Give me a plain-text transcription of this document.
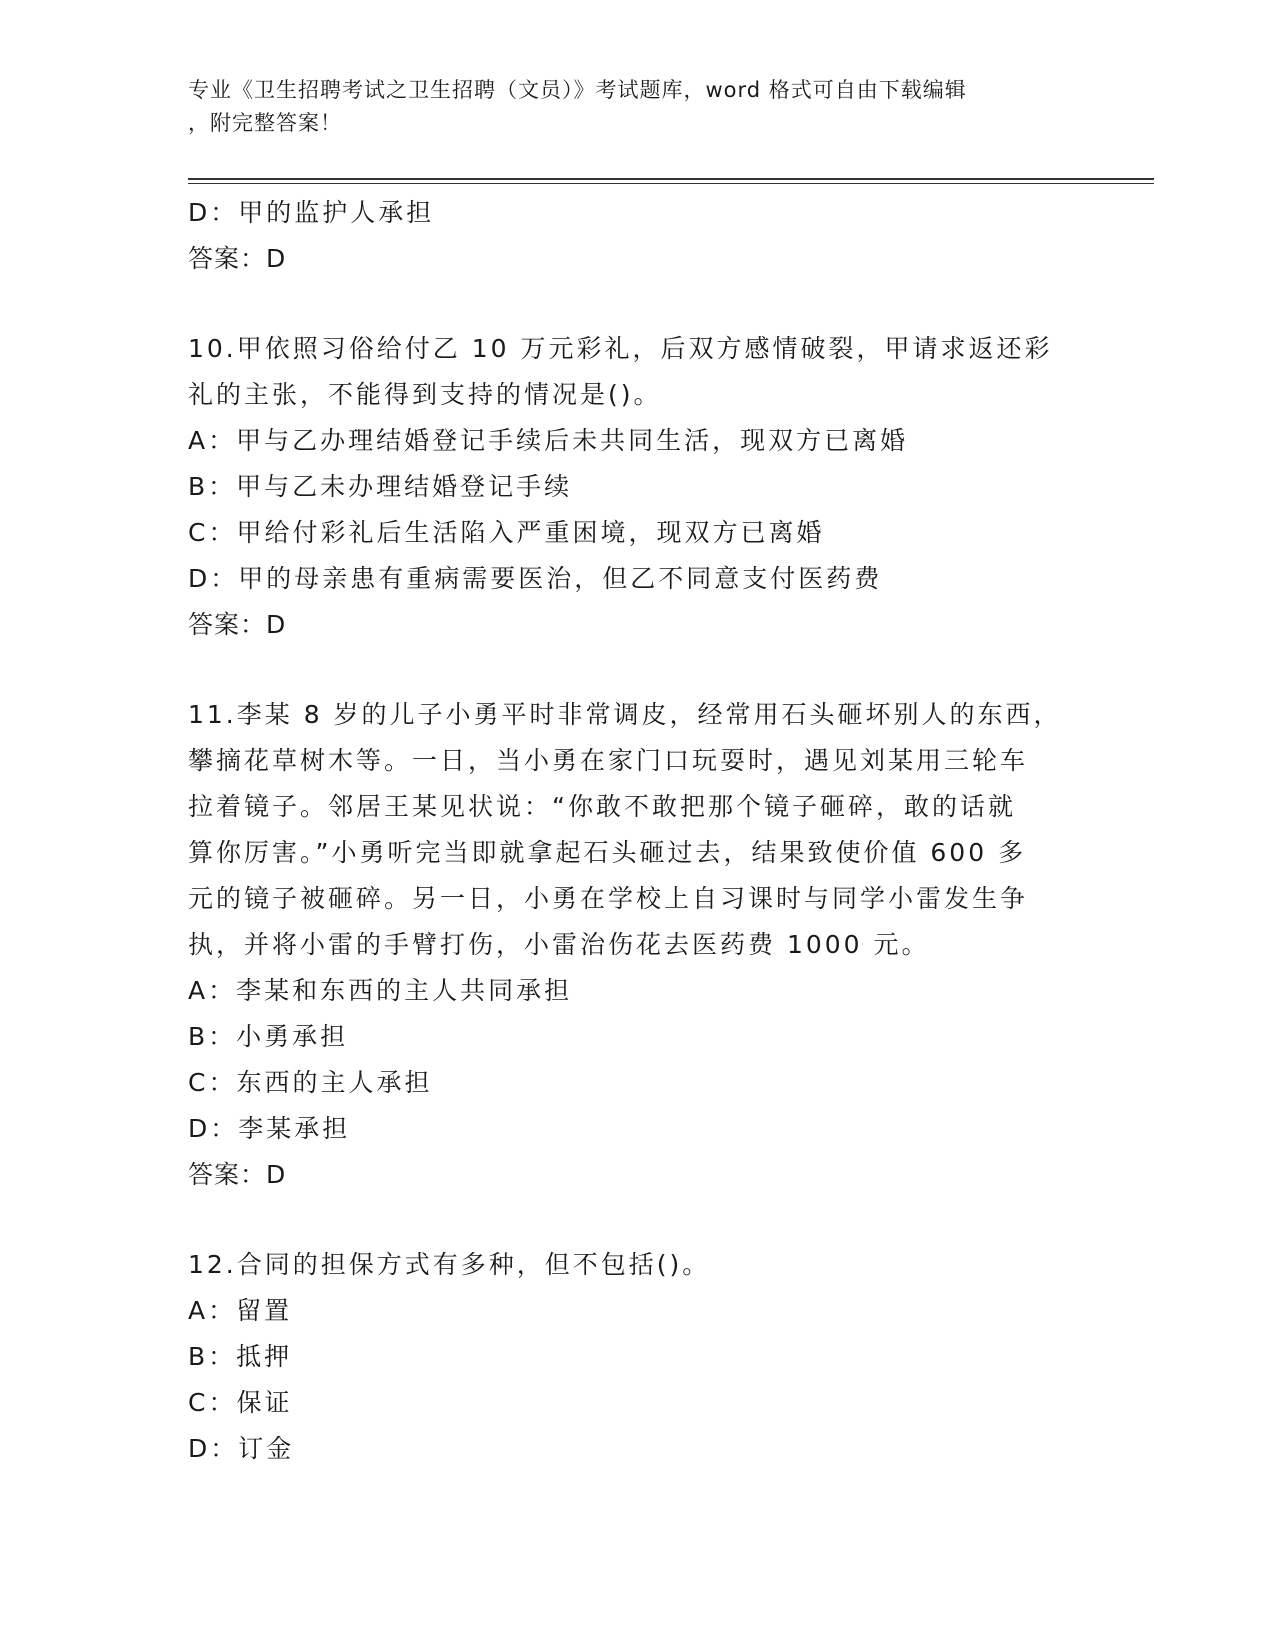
专业《卫生招聘考试之卫生招聘（文员）》考试题库，word 格式可自由下载编辑
，附完整答案！
D：甲的监护人承担
答案：D
10.甲依照习俗给付乙 10 万元彩礼，后双方感情破裂，甲请求返还彩
礼的主张，不能得到支持的情况是()。
A：甲与乙办理结婚登记手续后未共同生活，现双方已离婚
B：甲与乙未办理结婚登记手续
C：甲给付彩礼后生活陷入严重困境，现双方已离婚
D：甲的母亲患有重病需要医治，但乙不同意支付医药费
答案：D
11.李某 8 岁的儿子小勇平时非常调皮，经常用石头砸坏别人的东西，
攀摘花草树木等。一日，当小勇在家门口玩耍时，遇见刘某用三轮车
拉着镜子。邻居王某见状说：“你敢不敢把那个镜子砸碎，敢的话就
算你厉害。”小勇听完当即就拿起石头砸过去，结果致使价值 600 多
元的镜子被砸碎。另一日，小勇在学校上自习课时与同学小雷发生争
执，并将小雷的手臂打伤，小雷治伤花去医药费 1000 元。
A：李某和东西的主人共同承担
B：小勇承担
C：东西的主人承担
D：李某承担
答案：D
12.合同的担保方式有多种，但不包括()。
A：留置
B：抵押
C：保证
D：订金
